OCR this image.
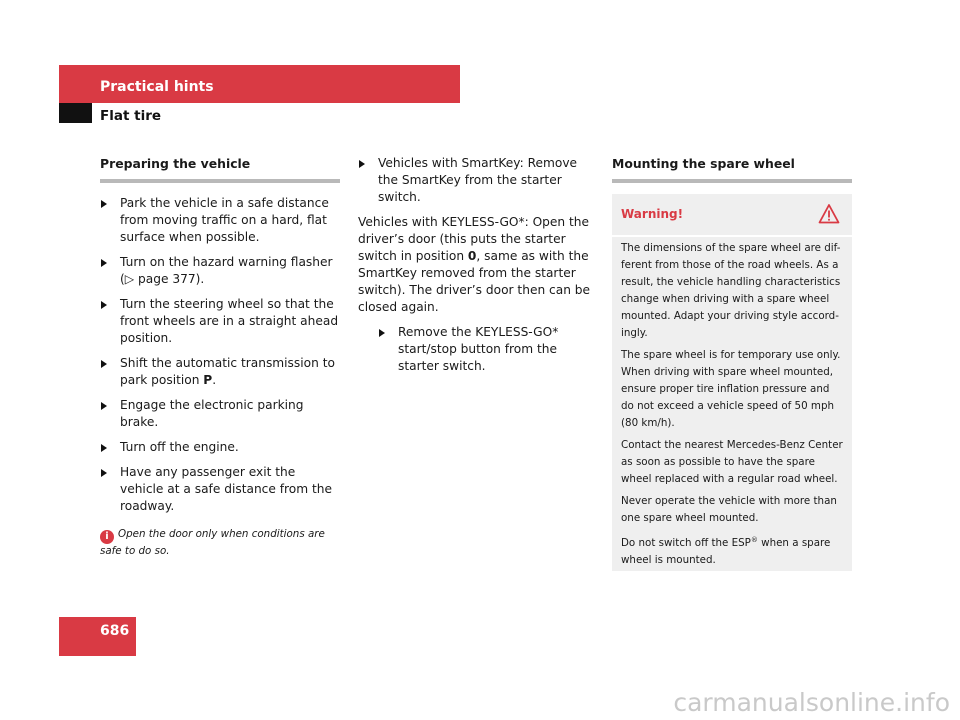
Practical hints
Flat tire
Preparing the vehicle
Park the vehicle in a safe distance from moving traffic on a hard, flat surface when possible.
Turn on the hazard warning flasher
(▷ page 377).
Turn the steering wheel so that the front wheels are in a straight ahead position.
Shift the automatic transmission to park position P.
Engage the electronic parking brake.
Turn off the engine.
Have any passenger exit the vehicle at a safe distance from the roadway.
i Open the door only when conditions are safe to do so.
Vehicles with SmartKey: Remove the SmartKey from the starter switch.
Vehicles with KEYLESS-GO*: Open the driver’s door (this puts the starter switch in position 0, same as with the SmartKey removed from the starter switch). The driver’s door then can be closed again.
Remove the KEYLESS-GO* start/stop button from the starter switch.
Mounting the spare wheel
Warning!

The dimensions of the spare wheel are dif-ferent from those of the road wheels. As a result, the vehicle handling characteristics change when driving with a spare wheel mounted. Adapt your driving style accord-ingly.

The spare wheel is for temporary use only. When driving with spare wheel mounted, ensure proper tire inflation pressure and do not exceed a vehicle speed of 50 mph (80 km/h).

Contact the nearest Mercedes-Benz Center as soon as possible to have the spare wheel replaced with a regular road wheel.

Never operate the vehicle with more than one spare wheel mounted.

Do not switch off the ESP® when a spare wheel is mounted.

686
carmanualsonline.info
